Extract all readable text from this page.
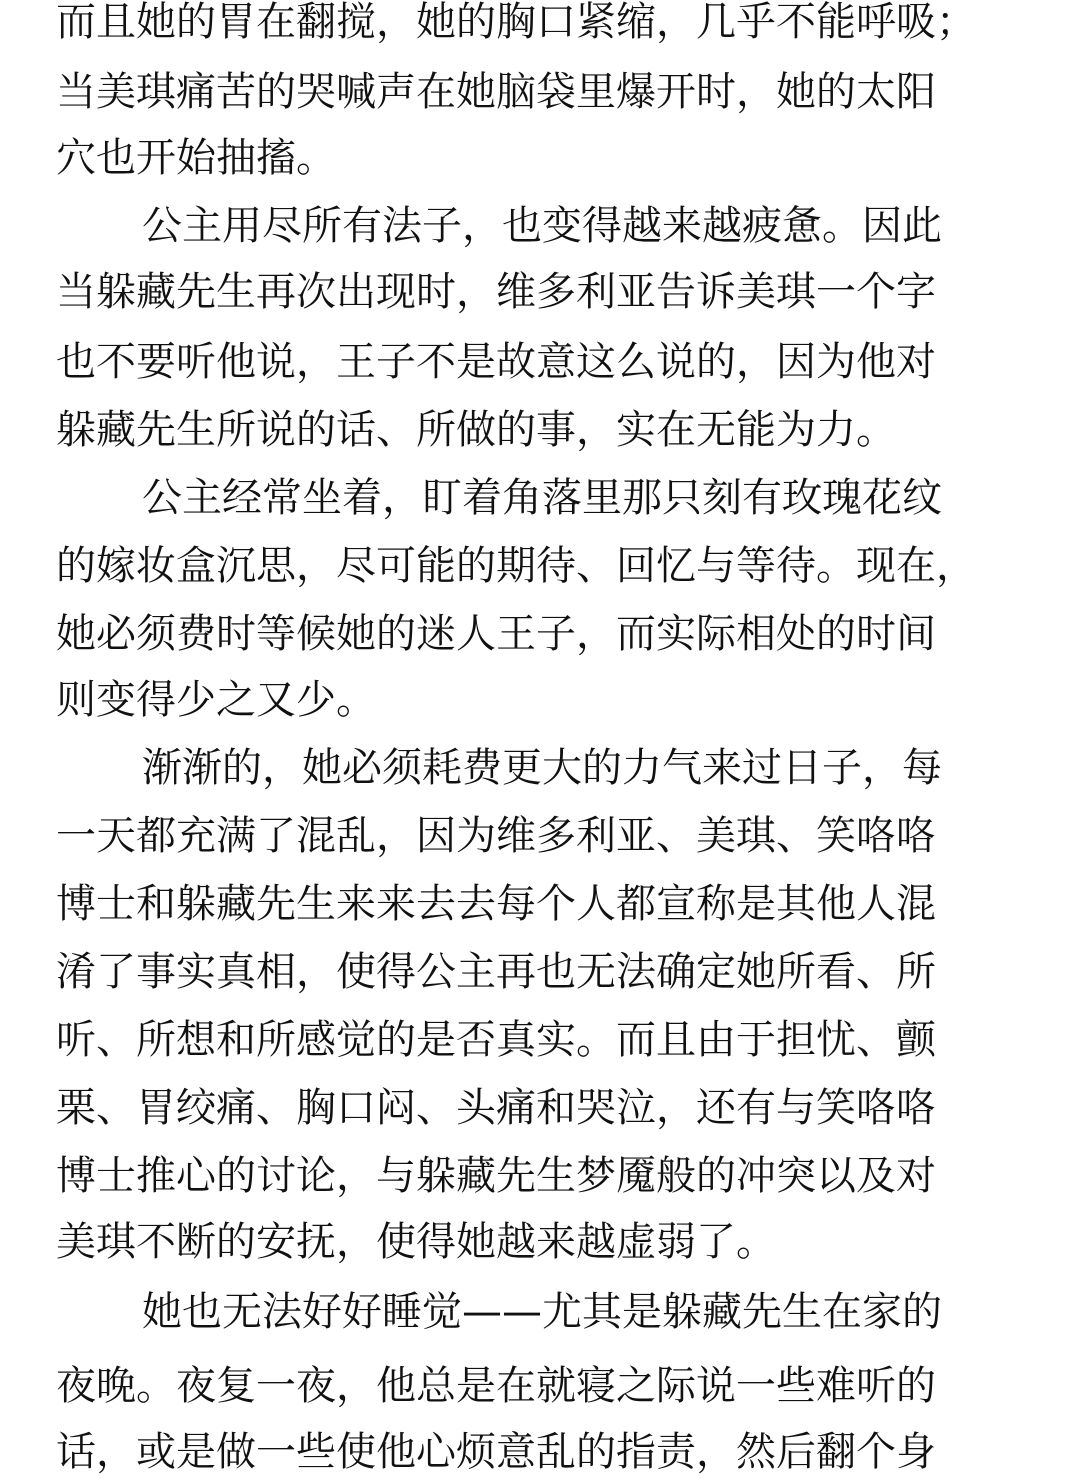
而且她的胃在翻搅，她的胸口紧缩，几乎不能呼吸；
当美琪痛苦的哭喊声在她脑袋里爆开时，她的太阳
穴也开始抽搐。
公主用尽所有法子，也变得越来越疲惫。因此
当躲藏先生再次出现时，维多利亚告诉美琪一个字
也不要听他说，王子不是故意这么说的，因为他对
躲藏先生所说的话、所做的事，实在无能为力。
公主经常坐着，盯着角落里那只刻有玫瑰花纹
的嫁妆盒沉思，尽可能的期待、回忆与等待。现在，
她必须费时等候她的迷人王子，而实际相处的时间
则变得少之又少。
渐渐的，她必须耗费更大的力气来过日子，每
一天都充满了混乱，因为维多利亚、美琪、笑咯咯
博士和躲藏先生来来去去每个人都宣称是其他人混
淆了事实真相，使得公主再也无法确定她所看、所
听、所想和所感觉的是否真实。而且由于担忧、颤
栗、胃绞痛、胸口闷、头痛和哭泣，还有与笑咯咯
博士推心的讨论，与躲藏先生梦魇般的冲突以及对
美琪不断的安抚，使得她越来越虚弱了。
她也无法好好睡觉——尤其是躲藏先生在家的
夜晚。夜复一夜，他总是在就寝之际说一些难听的
话，或是做一些使他心烦意乱的指责，然后翻个身
